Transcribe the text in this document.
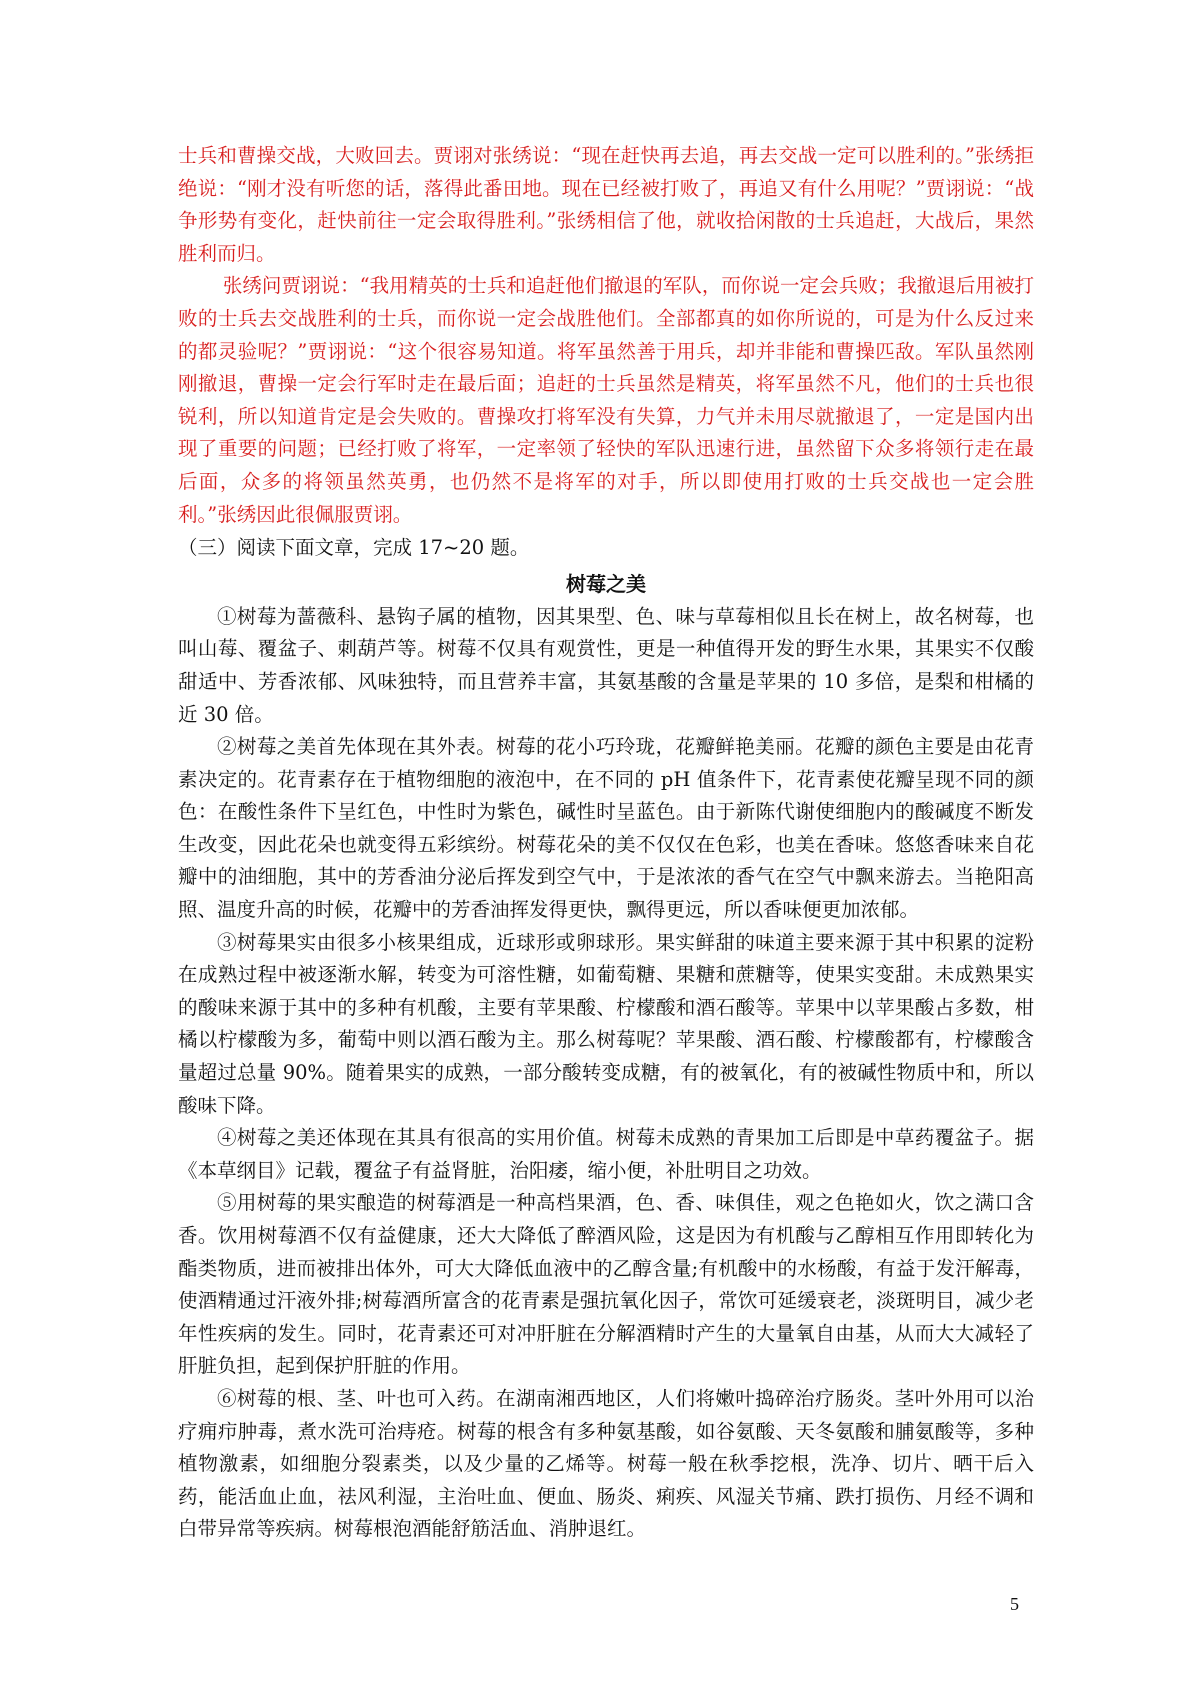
士兵和曹操交战，大败回去。贾诩对张绣说：“现在赶快再去追，再去交战一定可以胜利的。”张绣拒绝说：“刚才没有听您的话，落得此番田地。现在已经被打败了，再追又有什么用呢？”贾诩说：“战争形势有变化，赶快前往一定会取得胜利。”张绣相信了他，就收拾闲散的士兵追赶，大战后，果然胜利而归。

张绣问贾诩说：“我用精英的士兵和追赶他们撤退的军队，而你说一定会兵败；我撤退后用被打败的士兵去交战胜利的士兵，而你说一定会战胜他们。全部都真的如你所说的，可是为什么反过来的都灵验呢？”贾诩说：“这个很容易知道。将军虽然善于用兵，却并非能和曹操匹敌。军队虽然刚刚撤退，曹操一定会行军时走在最后面；追赶的士兵虽然是精英，将军虽然不凡，他们的士兵也很锐利，所以知道肯定是会失败的。曹操攻打将军没有失算，力气并未用尽就撤退了，一定是国内出现了重要的问题；已经打败了将军，一定率领了轻快的军队迅速行进，虽然留下众多将领行走在最后面，众多的将领虽然英勇，也仍然不是将军的对手，所以即使用打败的士兵交战也一定会胜利。”张绣因此很佩服贾诩。

（三）阅读下面文章，完成 17~20 题。

树莓之美

①树莓为蔷薇科、悬钩子属的植物，因其果型、色、味与草莓相似且长在树上，故名树莓，也叫山莓、覆盆子、刺葫芦等。树莓不仅具有观赏性，更是一种值得开发的野生水果，其果实不仅酸甜适中、芳香浓郁、风味独特，而且营养丰富，其氨基酸的含量是苹果的 10 多倍，是梨和柑橘的近 30 倍。

②树莓之美首先体现在其外表。树莓的花小巧玲珑，花瓣鲜艳美丽。花瓣的颜色主要是由花青素决定的。花青素存在于植物细胞的液泡中，在不同的 pH 值条件下，花青素使花瓣呈现不同的颜色：在酸性条件下呈红色，中性时为紫色，碱性时呈蓝色。由于新陈代谢使细胞内的酸碱度不断发生改变，因此花朵也就变得五彩缤纷。树莓花朵的美不仅仅在色彩，也美在香味。悠悠香味来自花瓣中的油细胞，其中的芳香油分泌后挥发到空气中，于是浓浓的香气在空气中飘来游去。当艳阳高照、温度升高的时候，花瓣中的芳香油挥发得更快，飘得更远，所以香味便更加浓郁。

③树莓果实由很多小核果组成，近球形或卵球形。果实鲜甜的味道主要来源于其中积累的淀粉在成熟过程中被逐渐水解，转变为可溶性糖，如葡萄糖、果糖和蔗糖等，使果实变甜。未成熟果实的酸味来源于其中的多种有机酸，主要有苹果酸、柠檬酸和酒石酸等。苹果中以苹果酸占多数，柑橘以柠檬酸为多，葡萄中则以酒石酸为主。那么树莓呢？苹果酸、酒石酸、柠檬酸都有，柠檬酸含量超过总量 90%。随着果实的成熟，一部分酸转变成糖，有的被氧化，有的被碱性物质中和，所以酸味下降。

④树莓之美还体现在其具有很高的实用价值。树莓未成熟的青果加工后即是中草药覆盆子。据《本草纲目》记载，覆盆子有益肾脏，治阳痿，缩小便，补肚明目之功效。

⑤用树莓的果实酿造的树莓酒是一种高档果酒，色、香、味俱佳，观之色艳如火，饮之满口含香。饮用树莓酒不仅有益健康，还大大降低了醉酒风险，这是因为有机酸与乙醇相互作用即转化为酯类物质，进而被排出体外，可大大降低血液中的乙醇含量;有机酸中的水杨酸，有益于发汗解毒，使酒精通过汗液外排;树莓酒所富含的花青素是强抗氧化因子，常饮可延缓衰老，淡斑明目，减少老年性疾病的发生。同时，花青素还可对冲肝脏在分解酒精时产生的大量氧自由基，从而大大减轻了肝脏负担，起到保护肝脏的作用。

⑥树莓的根、茎、叶也可入药。在湖南湘西地区，人们将嫩叶捣碎治疗肠炎。茎叶外用可以治疗痈疖肿毒，煮水洗可治痔疮。树莓的根含有多种氨基酸，如谷氨酸、天冬氨酸和脯氨酸等，多种植物激素，如细胞分裂素类，以及少量的乙烯等。树莓一般在秋季挖根，洗净、切片、晒干后入药，能活血止血，祛风利湿，主治吐血、便血、肠炎、痢疾、风湿关节痛、跌打损伤、月经不调和白带异常等疾病。树莓根泡酒能舒筋活血、消肿退红。

5
